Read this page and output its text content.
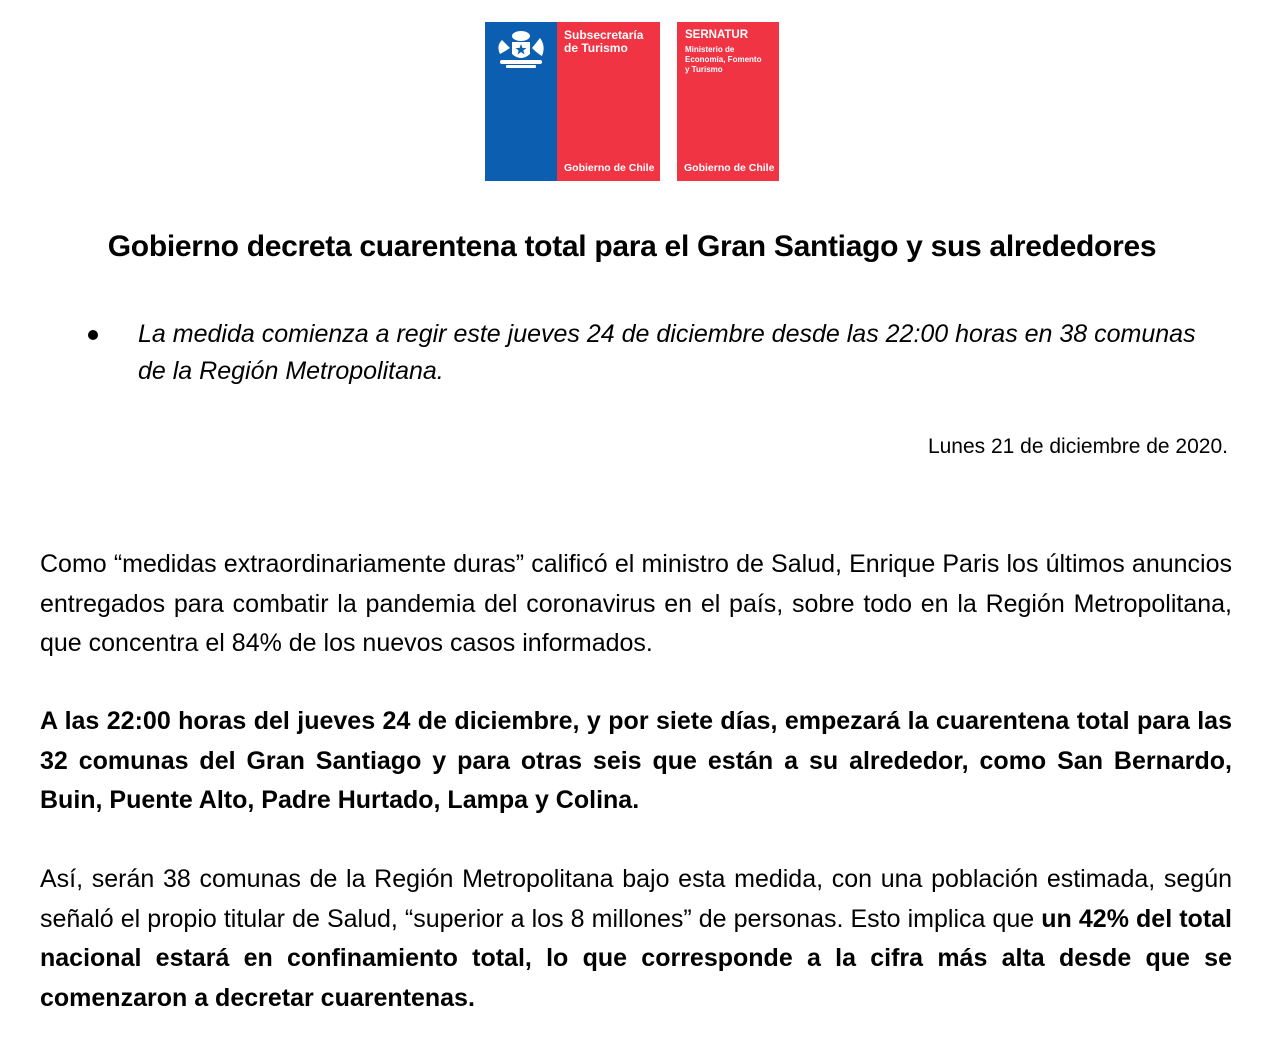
Subsecretaría
de Turismo
Gobierno de Chile
SERNATUR
Ministerio de
Economía, Fomento
y Turismo
Gobierno de Chile
Gobierno decreta cuarentena total para el Gran Santiago y sus alrededores
La medida comienza a regir este jueves 24 de diciembre desde las 22:00 horas en 38 comunas de la Región Metropolitana.
Lunes 21 de diciembre de 2020.

Como “medidas extraordinariamente duras” calificó el ministro de Salud, Enrique Paris los últimos anuncios entregados para combatir la pandemia del coronavirus en el país, sobre todo en la Región Metropolitana, que concentra el 84% de los nuevos casos informados.

A las 22:00 horas del jueves 24 de diciembre, y por siete días, empezará la cuarentena total para las 32 comunas del Gran Santiago y para otras seis que están a su alrededor, como San Bernardo, Buin, Puente Alto, Padre Hurtado, Lampa y Colina.

Así, serán 38 comunas de la Región Metropolitana bajo esta medida, con una población estimada, según señaló el propio titular de Salud, “superior a los 8 millones” de personas. Esto implica que un 42% del total nacional estará en confinamiento total, lo que corresponde a la cifra más alta desde que se comenzaron a decretar cuarentenas.
